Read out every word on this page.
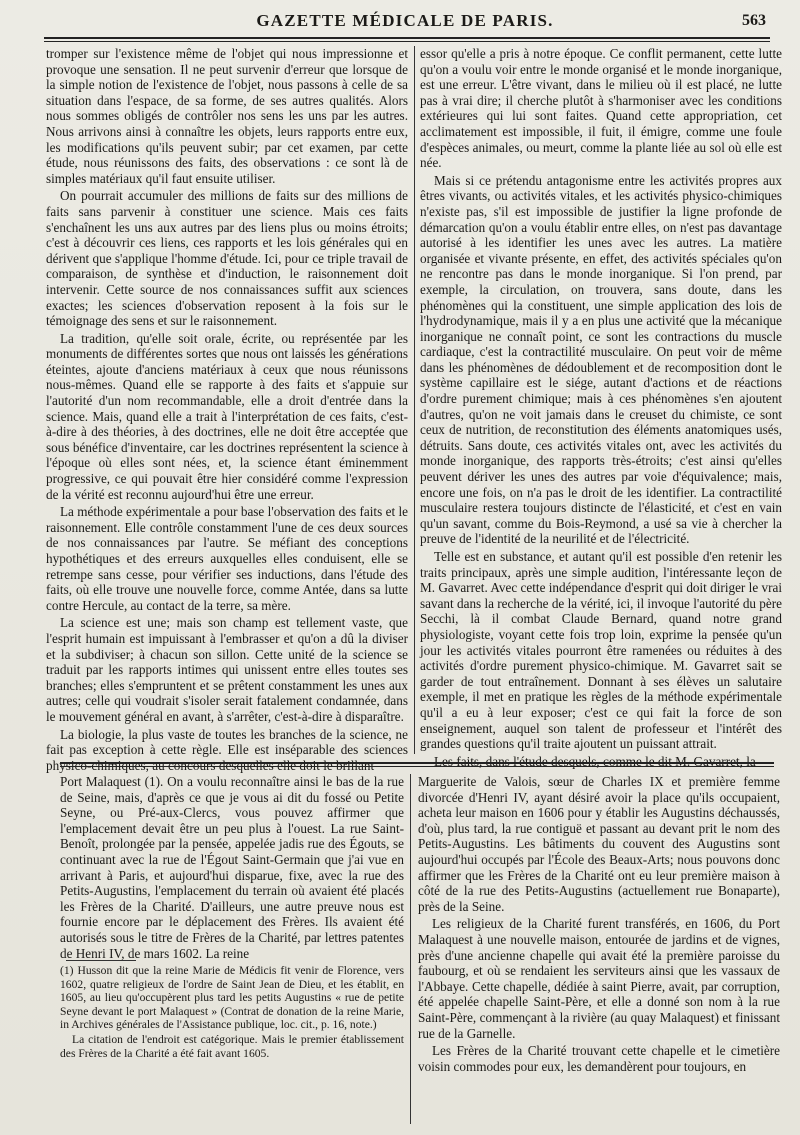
GAZETTE MÉDICALE DE PARIS.	563

tromper sur l'existence même de l'objet qui nous impressionne et provoque une sensation. Il ne peut survenir d'erreur que lorsque de la simple notion de l'existence de l'objet, nous passons à celle de sa situation dans l'espace, de sa forme, de ses autres qualités. Alors nous sommes obligés de contrôler nos sens les uns par les autres. Nous arrivons ainsi à connaître les objets, leurs rapports entre eux, les modifications qu'ils peuvent subir; par cet examen, par cette étude, nous réunissons des faits, des observations : ce sont là de simples matériaux qu'il faut ensuite utiliser.

On pourrait accumuler des millions de faits sur des millions de faits sans parvenir à constituer une science. Mais ces faits s'enchaînent les uns aux autres par des liens plus ou moins étroits; c'est à découvrir ces liens, ces rapports et les lois générales qui en dérivent que s'applique l'homme d'étude. Ici, pour ce triple travail de comparaison, de synthèse et d'induction, le raisonnement doit intervenir. Cette source de nos connaissances suffit aux sciences exactes; les sciences d'observation reposent à la fois sur le témoignage des sens et sur le raisonnement.

La tradition, qu'elle soit orale, écrite, ou représentée par les monuments de différentes sortes que nous ont laissés les générations éteintes, ajoute d'anciens matériaux à ceux que nous réunissons nous-mêmes. Quand elle se rapporte à des faits et s'appuie sur l'autorité d'un nom recommandable, elle a droit d'entrée dans la science. Mais, quand elle a trait à l'interprétation de ces faits, c'est-à-dire à des théories, à des doctrines, elle ne doit être acceptée que sous bénéfice d'inventaire, car les doctrines représentent la science à l'époque où elles sont nées, et, la science étant éminemment progressive, ce qui pouvait être hier considéré comme l'expression de la vérité est reconnu aujourd'hui être une erreur.

La méthode expérimentale a pour base l'observation des faits et le raisonnement. Elle contrôle constamment l'une de ces deux sources de nos connaissances par l'autre. Se méfiant des conceptions hypothétiques et des erreurs auxquelles elles conduisent, elle se retrempe sans cesse, pour vérifier ses inductions, dans l'étude des faits, où elle trouve une nouvelle force, comme Antée, dans sa lutte contre Hercule, au contact de la terre, sa mère.

La science est une; mais son champ est tellement vaste, que l'esprit humain est impuissant à l'embrasser et qu'on a dû la diviser et la subdiviser; à chacun son sillon. Cette unité de la science se traduit par les rapports intimes qui unissent entre elles toutes ses branches; elles s'empruntent et se prêtent constamment les unes aux autres; celle qui voudrait s'isoler serait fatalement condamnée, dans le mouvement général en avant, à s'arrêter, c'est-à-dire à disparaître.

La biologie, la plus vaste de toutes les branches de la science, ne fait pas exception à cette règle. Elle est inséparable des sciences physico-chimiques, au concours desquelles elle doit le brillant

essor qu'elle a pris à notre époque. Ce conflit permanent, cette lutte qu'on a voulu voir entre le monde organisé et le monde inorganique, est une erreur. L'être vivant, dans le milieu où il est placé, ne lutte pas à vrai dire; il cherche plutôt à s'harmoniser avec les conditions extérieures qui lui sont faites. Quand cette appropriation, cet acclimatement est impossible, il fuit, il émigre, comme une foule d'espèces animales, ou meurt, comme la plante liée au sol où elle est née.

Mais si ce prétendu antagonisme entre les activités propres aux êtres vivants, ou activités vitales, et les activités physico-chimiques n'existe pas, s'il est impossible de justifier la ligne profonde de démarcation qu'on a voulu établir entre elles, on n'est pas davantage autorisé à les identifier les unes avec les autres. La matière organisée et vivante présente, en effet, des activités spéciales qu'on ne rencontre pas dans le monde inorganique. Si l'on prend, par exemple, la circulation, on trouvera, sans doute, dans les phénomènes qui la constituent, une simple application des lois de l'hydrodynamique, mais il y a en plus une activité que la mécanique inorganique ne connaît point, ce sont les contractions du muscle cardiaque, c'est la contractilité musculaire. On peut voir de même dans les phénomènes de dédoublement et de recomposition dont le système capillaire est le siége, autant d'actions et de réactions d'ordre purement chimique; mais à ces phénomènes s'en ajoutent d'autres, qu'on ne voit jamais dans le creuset du chimiste, ce sont ceux de nutrition, de reconstitution des éléments anatomiques usés, détruits. Sans doute, ces activités vitales ont, avec les activités du monde inorganique, des rapports très-étroits; c'est ainsi qu'elles peuvent dériver les unes des autres par voie d'équivalence; mais, encore une fois, on n'a pas le droit de les identifier. La contractilité musculaire restera toujours distincte de l'élasticité, et c'est en vain qu'un savant, comme du Bois-Reymond, a usé sa vie à chercher la preuve de l'identité de la neurilité et de l'électricité.

Telle est en substance, et autant qu'il est possible d'en retenir les traits principaux, après une simple audition, l'intéressante leçon de M. Gavarret. Avec cette indépendance d'esprit qui doit diriger le vrai savant dans la recherche de la vérité, ici, il invoque l'autorité du père Secchi, là il combat Claude Bernard, quand notre grand physiologiste, voyant cette fois trop loin, exprime la pensée qu'un jour les activités vitales pourront être ramenées ou réduites à des activités d'ordre purement physico-chimique. M. Gavarret sait se garder de tout entraînement. Donnant à ses élèves un salutaire exemple, il met en pratique les règles de la méthode expérimentale qu'il a eu à leur exposer; c'est ce qui fait la force de son enseignement, auquel son talent de professeur et l'intérêt des grandes questions qu'il traite ajoutent un puissant attrait.

Les faits, dans l'étude desquels, comme le dit M. Gavarret, la

Port Malaquest (1). On a voulu reconnaître ainsi le bas de la rue de Seine, mais, d'après ce que je vous ai dit du fossé ou Petite Seyne, ou Pré-aux-Clercs, vous pouvez affirmer que l'emplacement devait être un peu plus à l'ouest. La rue Saint-Benoît, prolongée par la pensée, appelée jadis rue des Égouts, se continuant avec la rue de l'Égout Saint-Germain que j'ai vue en arrivant à Paris, et aujourd'hui disparue, fixe, avec la rue des Petits-Augustins, l'emplacement du terrain où avaient été placés les Frères de la Charité. D'ailleurs, une autre preuve nous est fournie encore par le déplacement des Frères. Ils avaient été autorisés sous le titre de Frères de la Charité, par lettres patentes de Henri IV, de mars 1602. La reine

Marguerite de Valois, sœur de Charles IX et première femme divorcée d'Henri IV, ayant désiré avoir la place qu'ils occupaient, acheta leur maison en 1606 pour y établir les Augustins déchaussés, d'où, plus tard, la rue contiguë et passant au devant prit le nom des Petits-Augustins. Les bâtiments du couvent des Augustins sont aujourd'hui occupés par l'École des Beaux-Arts; nous pouvons donc affirmer que les Frères de la Charité ont eu leur première maison à côté de la rue des Petits-Augustins (actuellement rue Bonaparte), près de la Seine.

Les religieux de la Charité furent transférés, en 1606, du Port Malaquest à une nouvelle maison, entourée de jardins et de vignes, près d'une ancienne chapelle qui avait été la première paroisse du faubourg, et où se rendaient les serviteurs ainsi que les vassaux de l'Abbaye. Cette chapelle, dédiée à saint Pierre, avait, par corruption, été appelée chapelle Saint-Père, et elle a donné son nom à la rue Saint-Père, commençant à la rivière (au quay Malaquest) et finissant rue de la Garnelle.

Les Frères de la Charité trouvant cette chapelle et le cimetière voisin commodes pour eux, les demandèrent pour toujours, en

(1) Husson dit que la reine Marie de Médicis fit venir de Florence, vers 1602, quatre religieux de l'ordre de Saint Jean de Dieu, et les établit, en 1605, au lieu qu'occupèrent plus tard les petits Augustins « rue de petite Seyne devant le port Malaquest » (Contrat de donation de la reine Marie, in Archives générales de l'Assistance publique, loc. cit., p. 16, note.)

La citation de l'endroit est catégorique. Mais le premier établissement des Frères de la Charité a été fait avant 1605.
